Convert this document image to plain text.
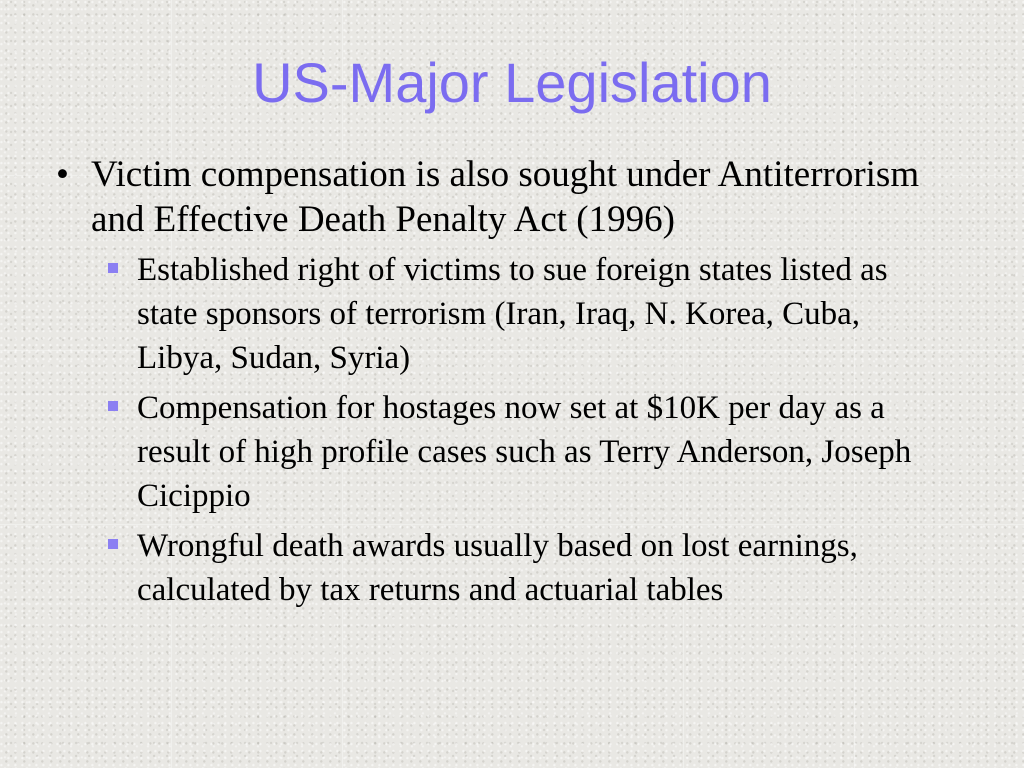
US-Major Legislation
• Victim compensation is also sought under Antiterrorism and Effective Death Penalty Act (1996)
Established right of victims to sue foreign states listed as state sponsors of terrorism (Iran, Iraq, N. Korea, Cuba, Libya, Sudan, Syria)
Compensation for hostages now set at $10K per day as a result of high profile cases such as Terry Anderson, Joseph Cicippio
Wrongful death awards usually based on lost earnings, calculated by tax returns and actuarial tables
